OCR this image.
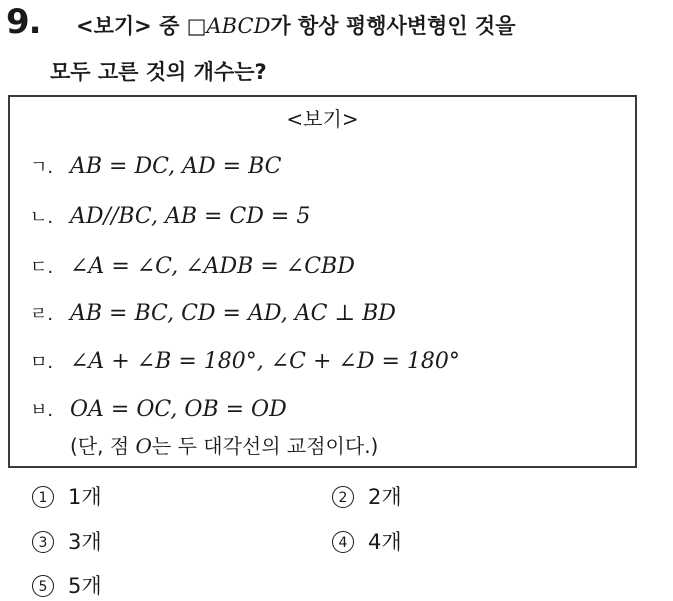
9. <보기> 중 □ABCD가 항상 평행사변형인 것을
모두 고른 것의 개수는?
<보기>
ㄱ. AB = DC, AD = BC
ㄴ. AD//BC, AB = CD = 5
ㄷ. ∠A = ∠C, ∠ADB = ∠CBD
ㄹ. AB = BC, CD = AD, AC ⊥ BD
ㅁ. ∠A + ∠B = 180°, ∠C + ∠D = 180°
ㅂ. OA = OC, OB = OD
(단, 점 O는 두 대각선의 교점이다.)
1 1개	2 2개
3 3개	4 4개
5 5개
